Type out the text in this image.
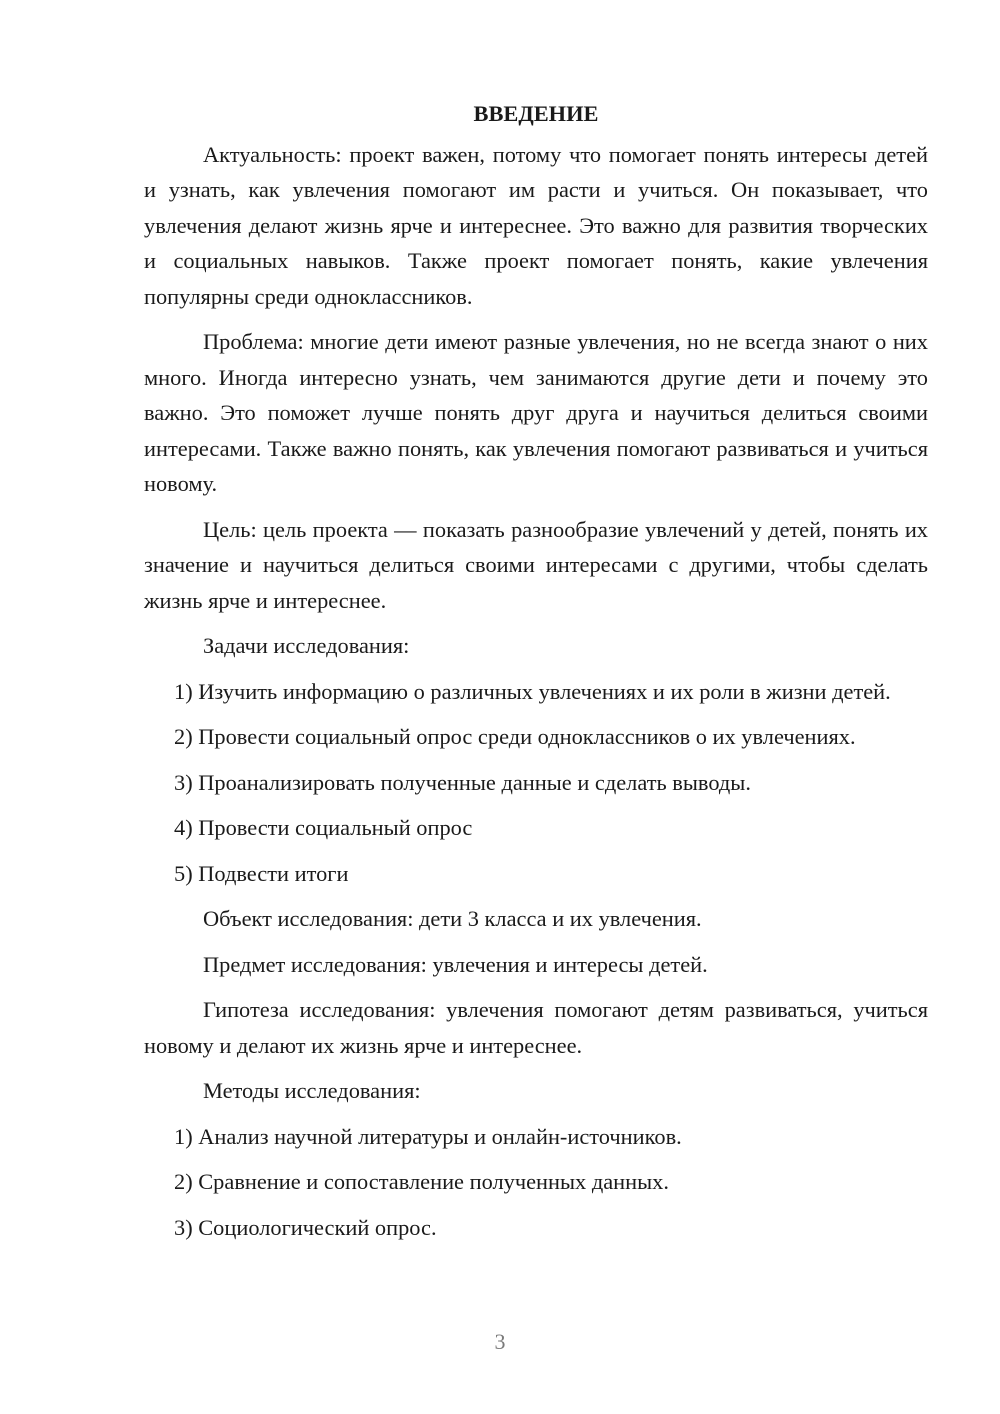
ВВЕДЕНИЕ

Актуальность: проект важен, потому что помогает понять интересы детей и узнать, как увлечения помогают им расти и учиться. Он показывает, что увлечения делают жизнь ярче и интереснее. Это важно для развития творческих и социальных навыков. Также проект помогает понять, какие увлечения популярны среди одноклассников.

Проблема: многие дети имеют разные увлечения, но не всегда знают о них много. Иногда интересно узнать, чем занимаются другие дети и почему это важно. Это поможет лучше понять друг друга и научиться делиться своими интересами. Также важно понять, как увлечения помогают развиваться и учиться новому.

Цель: цель проекта — показать разнообразие увлечений у детей, понять их значение и научиться делиться своими интересами с другими, чтобы сделать жизнь ярче и интереснее.

Задачи исследования:

1) Изучить информацию о различных увлечениях и их роли в жизни детей.

2) Провести социальный опрос среди одноклассников о их увлечениях.

3) Проанализировать полученные данные и сделать выводы.

4) Провести социальный опрос

5) Подвести итоги

Объект исследования: дети 3 класса и их увлечения.

Предмет исследования: увлечения и интересы детей.

Гипотеза исследования: увлечения помогают детям развиваться, учиться новому и делают их жизнь ярче и интереснее.

Методы исследования:

1) Анализ научной литературы и онлайн-источников.

2) Сравнение и сопоставление полученных данных.

3) Социологический опрос.

3
